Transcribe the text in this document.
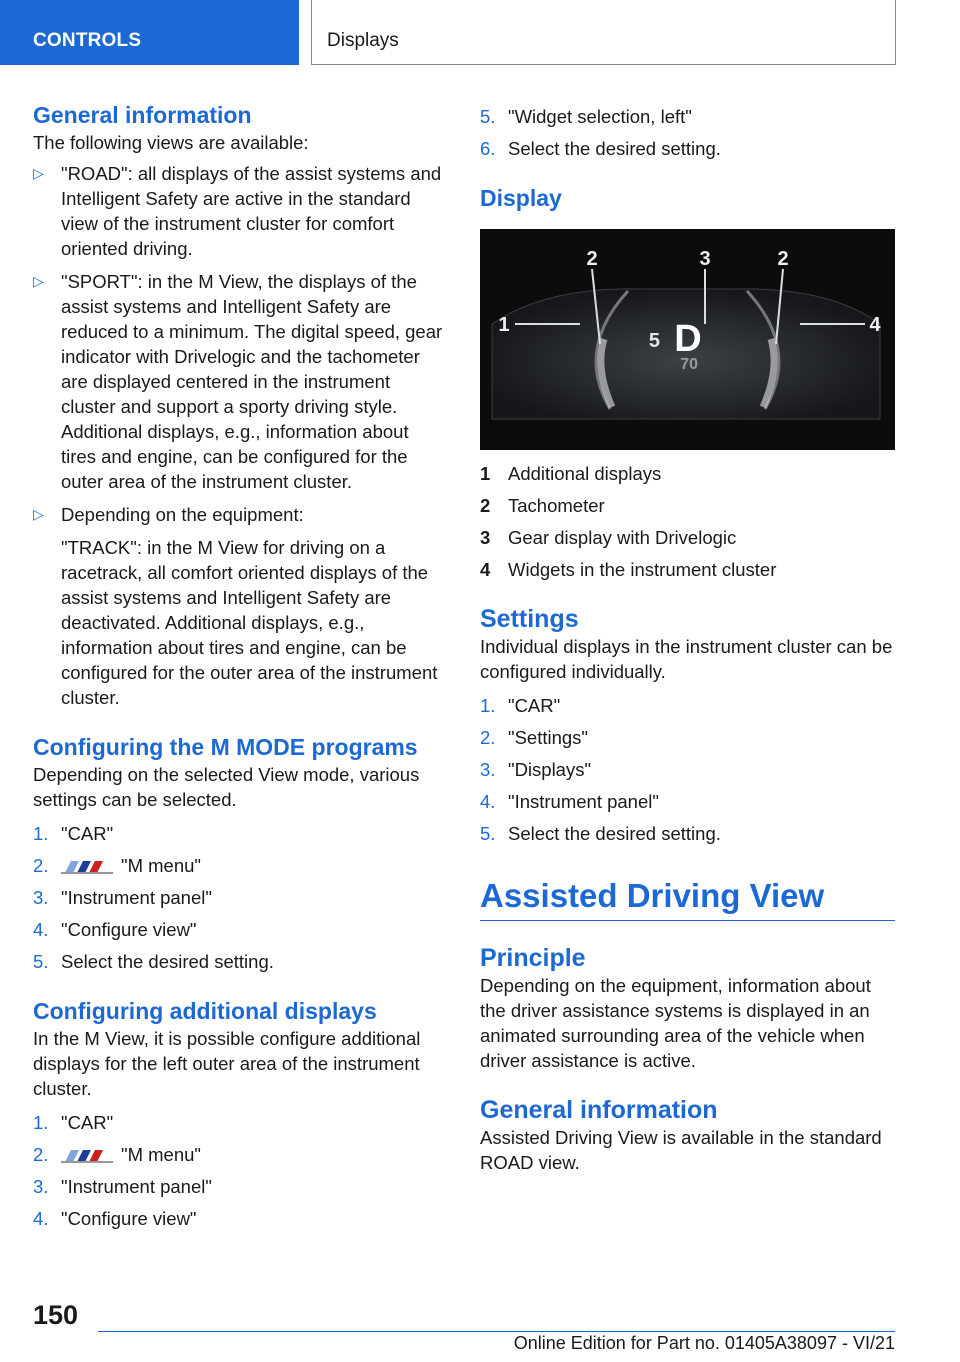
CONTROLS	Displays
General information

The following views are available:

▷ "ROAD": all displays of the assist systems and Intelligent Safety are active in the standard view of the instrument cluster for comfort oriented driving.

▷ "SPORT": in the M View, the displays of the assist systems and Intelligent Safety are reduced to a minimum. The digital speed, gear indicator with Drivelogic and the tachometer are displayed centered in the instrument cluster and support a sporty driving style. Additional displays, e.g., information about tires and engine, can be configured for the outer area of the instrument cluster.

▷ Depending on the equipment:

"TRACK": in the M View for driving on a racetrack, all comfort oriented displays of the assist systems and Intelligent Safety are deactivated. Additional displays, e.g., information about tires and engine, can be configured for the outer area of the instrument cluster.

Configuring the M MODE programs

Depending on the selected View mode, various settings can be selected.

1. "CAR"
2.	"M menu"
3. "Instrument panel"
4. "Configure view"
5. Select the desired setting.
Configuring additional displays

In the M View, it is possible configure additional displays for the left outer area of the instrument cluster.

1. "CAR"
2.	"M menu"
3. "Instrument panel"
4. "Configure view"
5. "Widget selection, left"
6. Select the desired setting.
Display
5 D
70
1
2	3	2
4
1 Additional displays
2 Tachometer
3 Gear display with Drivelogic
4 Widgets in the instrument cluster
Settings

Individual displays in the instrument cluster can be configured individually.

1. "CAR"
2. "Settings"
3. "Displays"
4. "Instrument panel"
5. Select the desired setting.
Assisted Driving View
Principle

Depending on the equipment, information about the driver assistance systems is displayed in an animated surrounding area of the vehicle when driver assistance is active.

General information

Assisted Driving View is available in the standard ROAD view.

150
Online Edition for Part no. 01405A38097 - VI/21
